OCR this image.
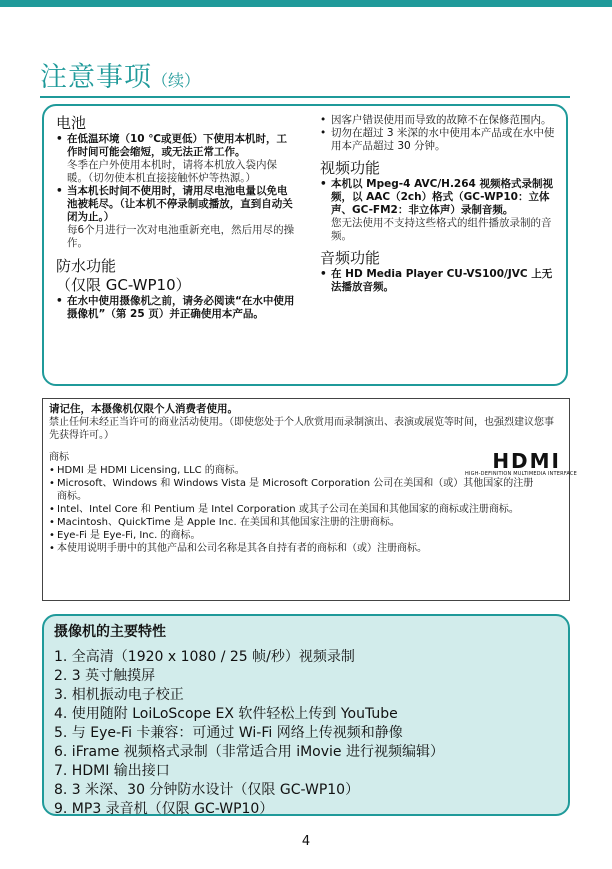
注意事项（续）
电池
• 在低温环境（10 ℃或更低）下使用本机时，工作时间可能会缩短，或无法正常工作。
冬季在户外使用本机时，请将本机放入袋内保暖。（切勿使本机直接接触怀炉等热源。）
• 当本机长时间不使用时，请用尽电池电量以免电池被耗尽。（让本机不停录制或播放，直到自动关闭为止。）
每6个月进行一次对电池重新充电，然后用尽的操作。
防水功能
（仅限 GC-WP10）
• 在水中使用摄像机之前，请务必阅读“在水中使用摄像机”（第 25 页）并正确使用本产品。
• 因客户错误使用而导致的故障不在保修范围内。
• 切勿在超过 3 米深的水中使用本产品或在水中使用本产品超过 30 分钟。
视频功能
• 本机以 Mpeg-4 AVC/H.264 视频格式录制视频，以 AAC（2ch）格式（GC-WP10：立体声、GC-FM2：非立体声）录制音频。
您无法使用不支持这些格式的组件播放录制的音频。
音频功能
• 在 HD Media Player CU-VS100/JVC 上无法播放音频。
请记住，本摄像机仅限个人消费者使用。
禁止任何未经正当许可的商业活动使用。（即使您处于个人欣赏用而录制演出、表演或展览等时间，也强烈建议您事先获得许可。）
商标
• HDMI 是 HDMI Licensing, LLC 的商标。
• Microsoft、Windows 和 Windows Vista 是 Microsoft Corporation 公司在美国和（或）其他国家的注册商标。
• Intel、Intel Core 和 Pentium 是 Intel Corporation 或其子公司在美国和其他国家的商标或注册商标。
• Macintosh、QuickTime 是 Apple Inc. 在美国和其他国家注册的注册商标。
• Eye-Fi 是 Eye-Fi, Inc. 的商标。
• 本使用说明手册中的其他产品和公司名称是其各自持有者的商标和（或）注册商标。
HDMI
HIGH-DEFINITION MULTIMEDIA INTERFACE
摄像机的主要特性
1. 全高清（1920 x 1080 / 25 帧/秒）视频录制
2. 3 英寸触摸屏
3. 相机振动电子校正
4. 使用随附 LoiLoScope EX 软件轻松上传到 YouTube
5. 与 Eye-Fi 卡兼容：可通过 Wi-Fi 网络上传视频和静像
6. iFrame 视频格式录制（非常适合用 iMovie 进行视频编辑）
7. HDMI 输出接口
8. 3 米深、30 分钟防水设计（仅限 GC-WP10）
9. MP3 录音机（仅限 GC-WP10）
4
